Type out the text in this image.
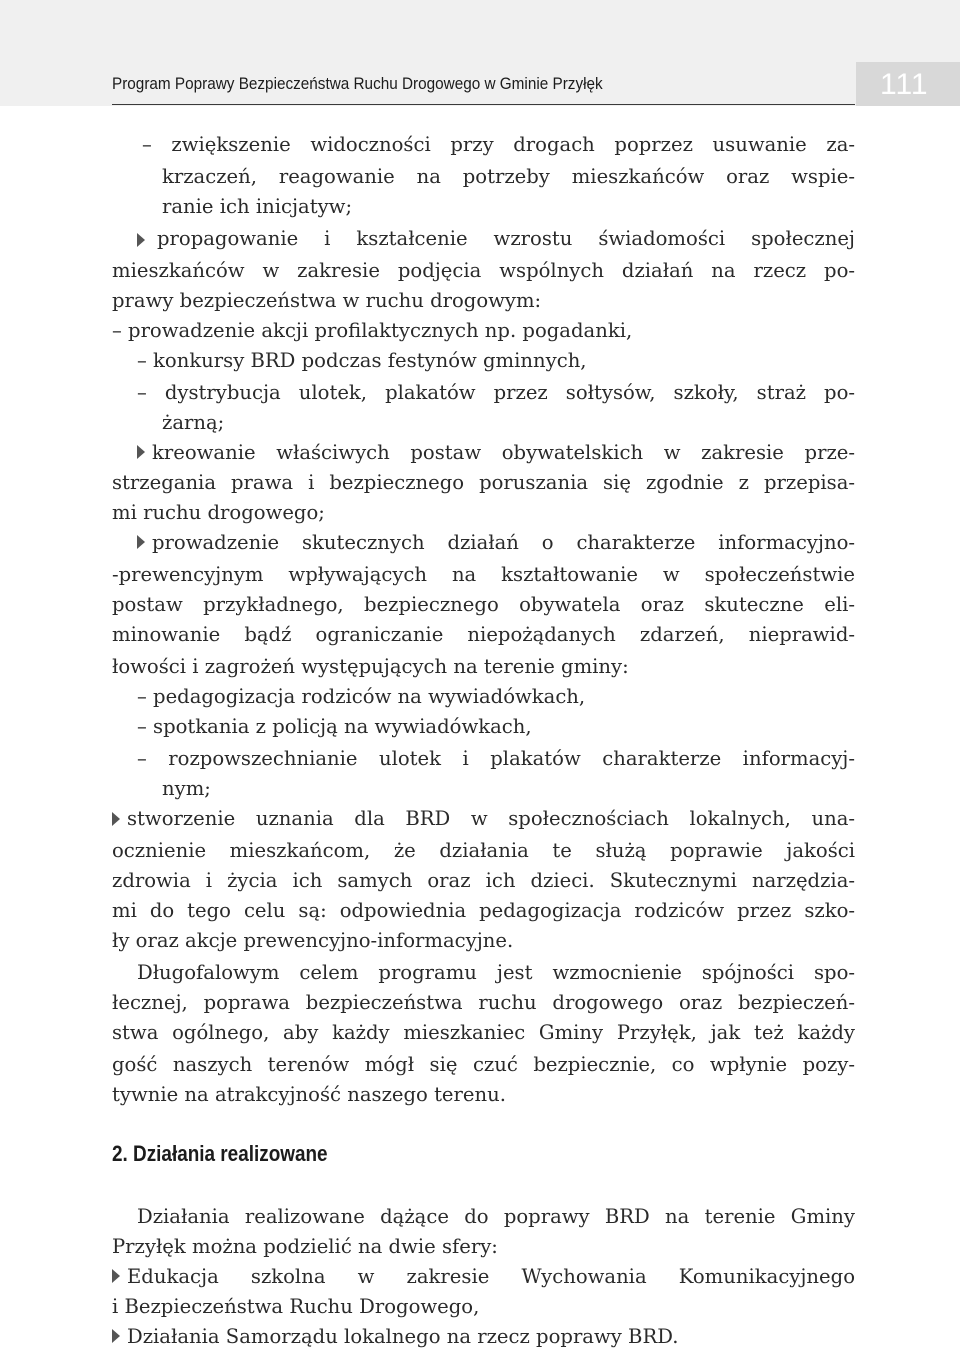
Program Poprawy Bezpieczeństwa Ruchu Drogowego w Gminie Przyłęk	111
– zwiększenie widoczności przy drogach poprzez usuwanie za-
krzaczeń, reagowanie na potrzeby mieszkańców oraz wspie-
ranie ich inicjatyw;
propagowanie i kształcenie wzrostu świadomości społecznej
mieszkańców w zakresie podjęcia wspólnych działań na rzecz po-
prawy bezpieczeństwa w ruchu drogowym:
– prowadzenie akcji profilaktycznych np. pogadanki,
– konkursy BRD podczas festynów gminnych,
– dystrybucja ulotek, plakatów przez sołtysów, szkoły, straż po-
żarną;
kreowanie właściwych postaw obywatelskich w zakresie prze-
strzegania prawa i bezpiecznego poruszania się zgodnie z przepisa-
mi ruchu drogowego;
prowadzenie skutecznych działań o charakterze informacyjno-
-prewencyjnym wpływających na kształtowanie w społeczeństwie
postaw przykładnego, bezpiecznego obywatela oraz skuteczne eli-
minowanie bądź ograniczanie niepożądanych zdarzeń, nieprawid-
łowości i zagrożeń występujących na terenie gminy:
– pedagogizacja rodziców na wywiadówkach,
– spotkania z policją na wywiadówkach,
– rozpowszechnianie ulotek i plakatów charakterze informacyj-
nym;
stworzenie uznania dla BRD w społecznościach lokalnych, una-
ocznienie mieszkańcom, że działania te służą poprawie jakości
zdrowia i życia ich samych oraz ich dzieci. Skutecznymi narzędzia-
mi do tego celu są: odpowiednia pedagogizacja rodziców przez szko-
ły oraz akcje prewencyjno-informacyjne.
Długofalowym celem programu jest wzmocnienie spójności spo-
łecznej, poprawa bezpieczeństwa ruchu drogowego oraz bezpieczeń-
stwa ogólnego, aby każdy mieszkaniec Gminy Przyłęk, jak też każdy
gość naszych terenów mógł się czuć bezpiecznie, co wpłynie pozy-
tywnie na atrakcyjność naszego terenu.
2. Działania realizowane
Działania realizowane dążące do poprawy BRD na terenie Gminy
Przyłęk można podzielić na dwie sfery:
Edukacja szkolna w zakresie Wychowania Komunikacyjnego
i Bezpieczeństwa Ruchu Drogowego,
Działania Samorządu lokalnego na rzecz poprawy BRD.
